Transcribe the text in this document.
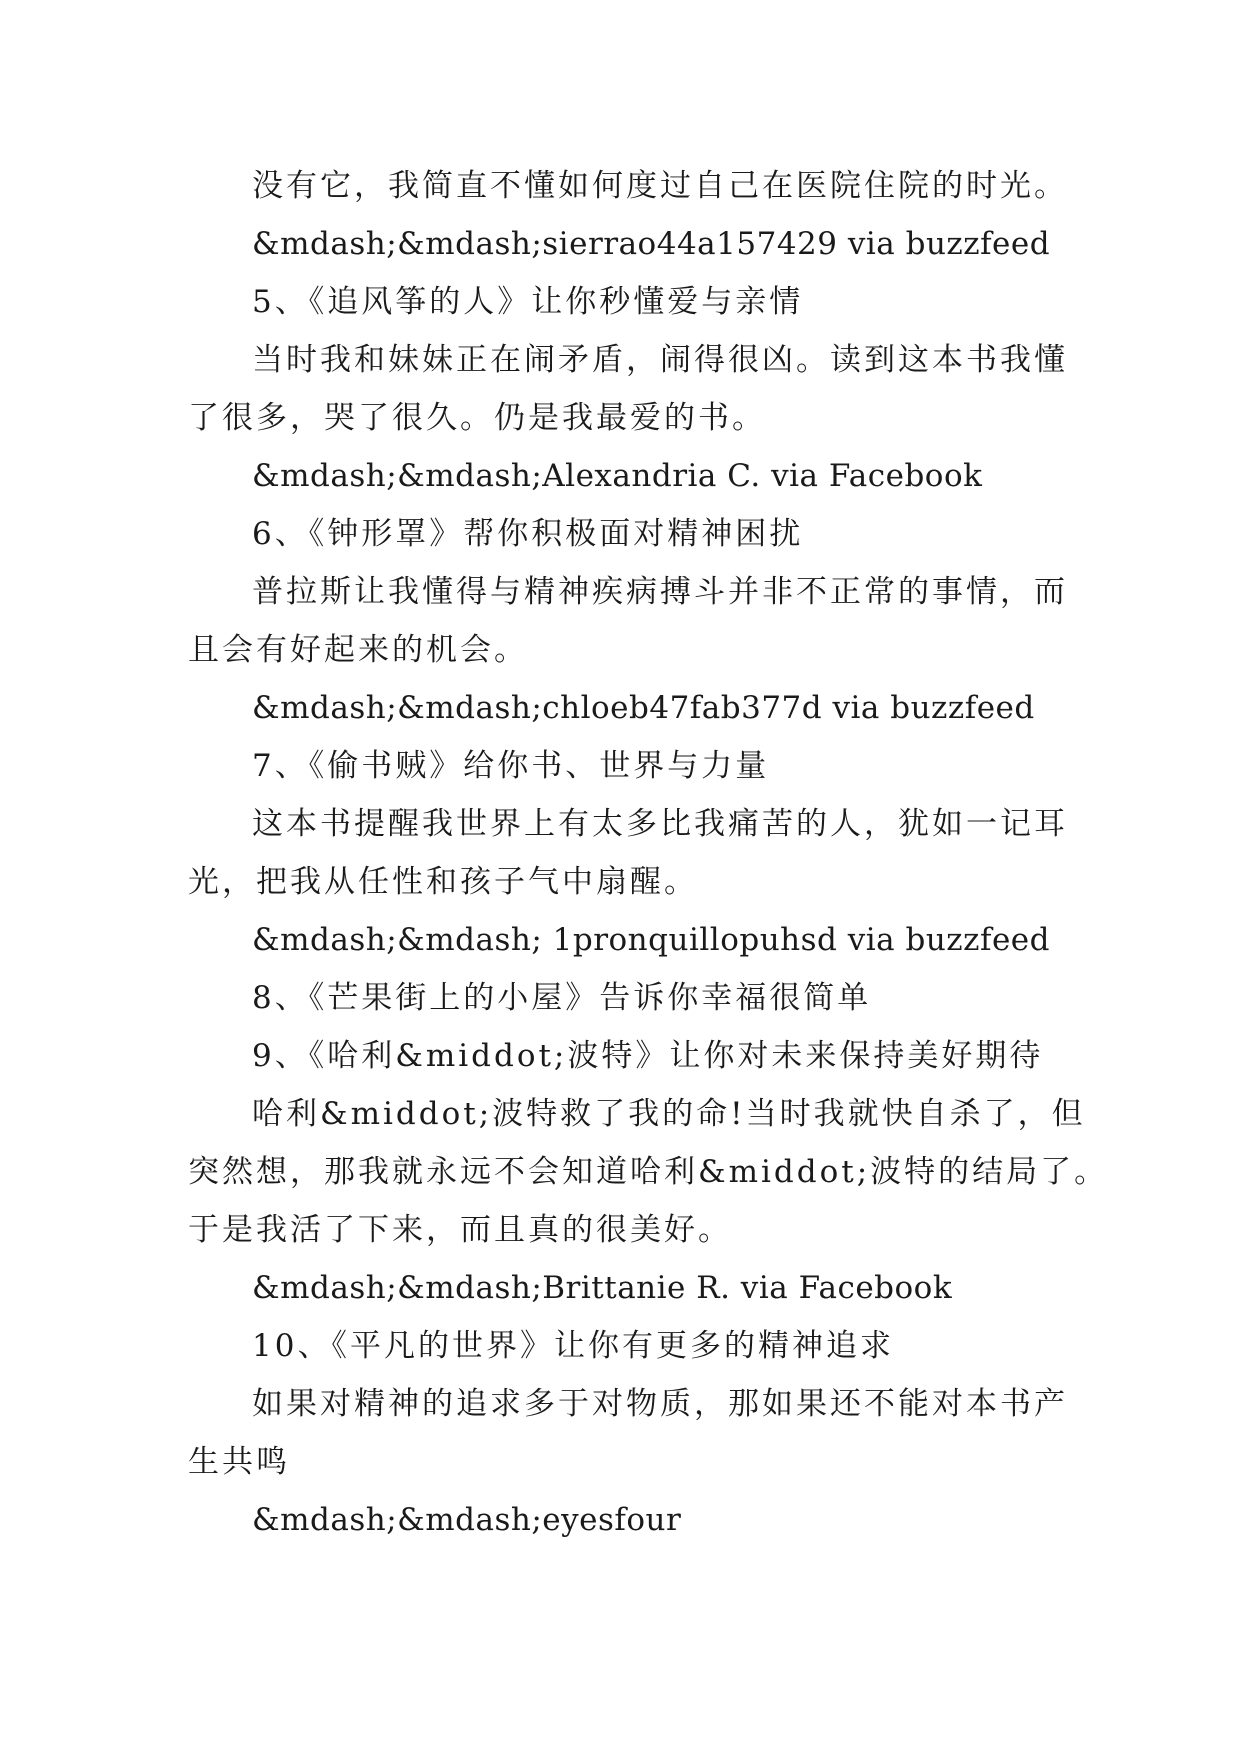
没有它，我简直不懂如何度过自己在医院住院的时光。
&mdash;&mdash;sierrao44a157429 via buzzfeed
5、《追风筝的人》让你秒懂爱与亲情
当时我和妹妹正在闹矛盾，闹得很凶。读到这本书我懂
了很多，哭了很久。仍是我最爱的书。
&mdash;&mdash;Alexandria C. via Facebook
6、《钟形罩》帮你积极面对精神困扰
普拉斯让我懂得与精神疾病搏斗并非不正常的事情，而
且会有好起来的机会。
&mdash;&mdash;chloeb47fab377d via buzzfeed
7、《偷书贼》给你书、世界与力量
这本书提醒我世界上有太多比我痛苦的人，犹如一记耳
光，把我从任性和孩子气中扇醒。
&mdash;&mdash; 1pronquillopuhsd via buzzfeed
8、《芒果街上的小屋》告诉你幸福很简单
9、《哈利&middot;波特》让你对未来保持美好期待
哈利&middot;波特救了我的命!当时我就快自杀了，但
突然想，那我就永远不会知道哈利&middot;波特的结局了。
于是我活了下来，而且真的很美好。
&mdash;&mdash;Brittanie R. via Facebook
10、《平凡的世界》让你有更多的精神追求
如果对精神的追求多于对物质，那如果还不能对本书产
生共鸣
&mdash;&mdash;eyesfour
